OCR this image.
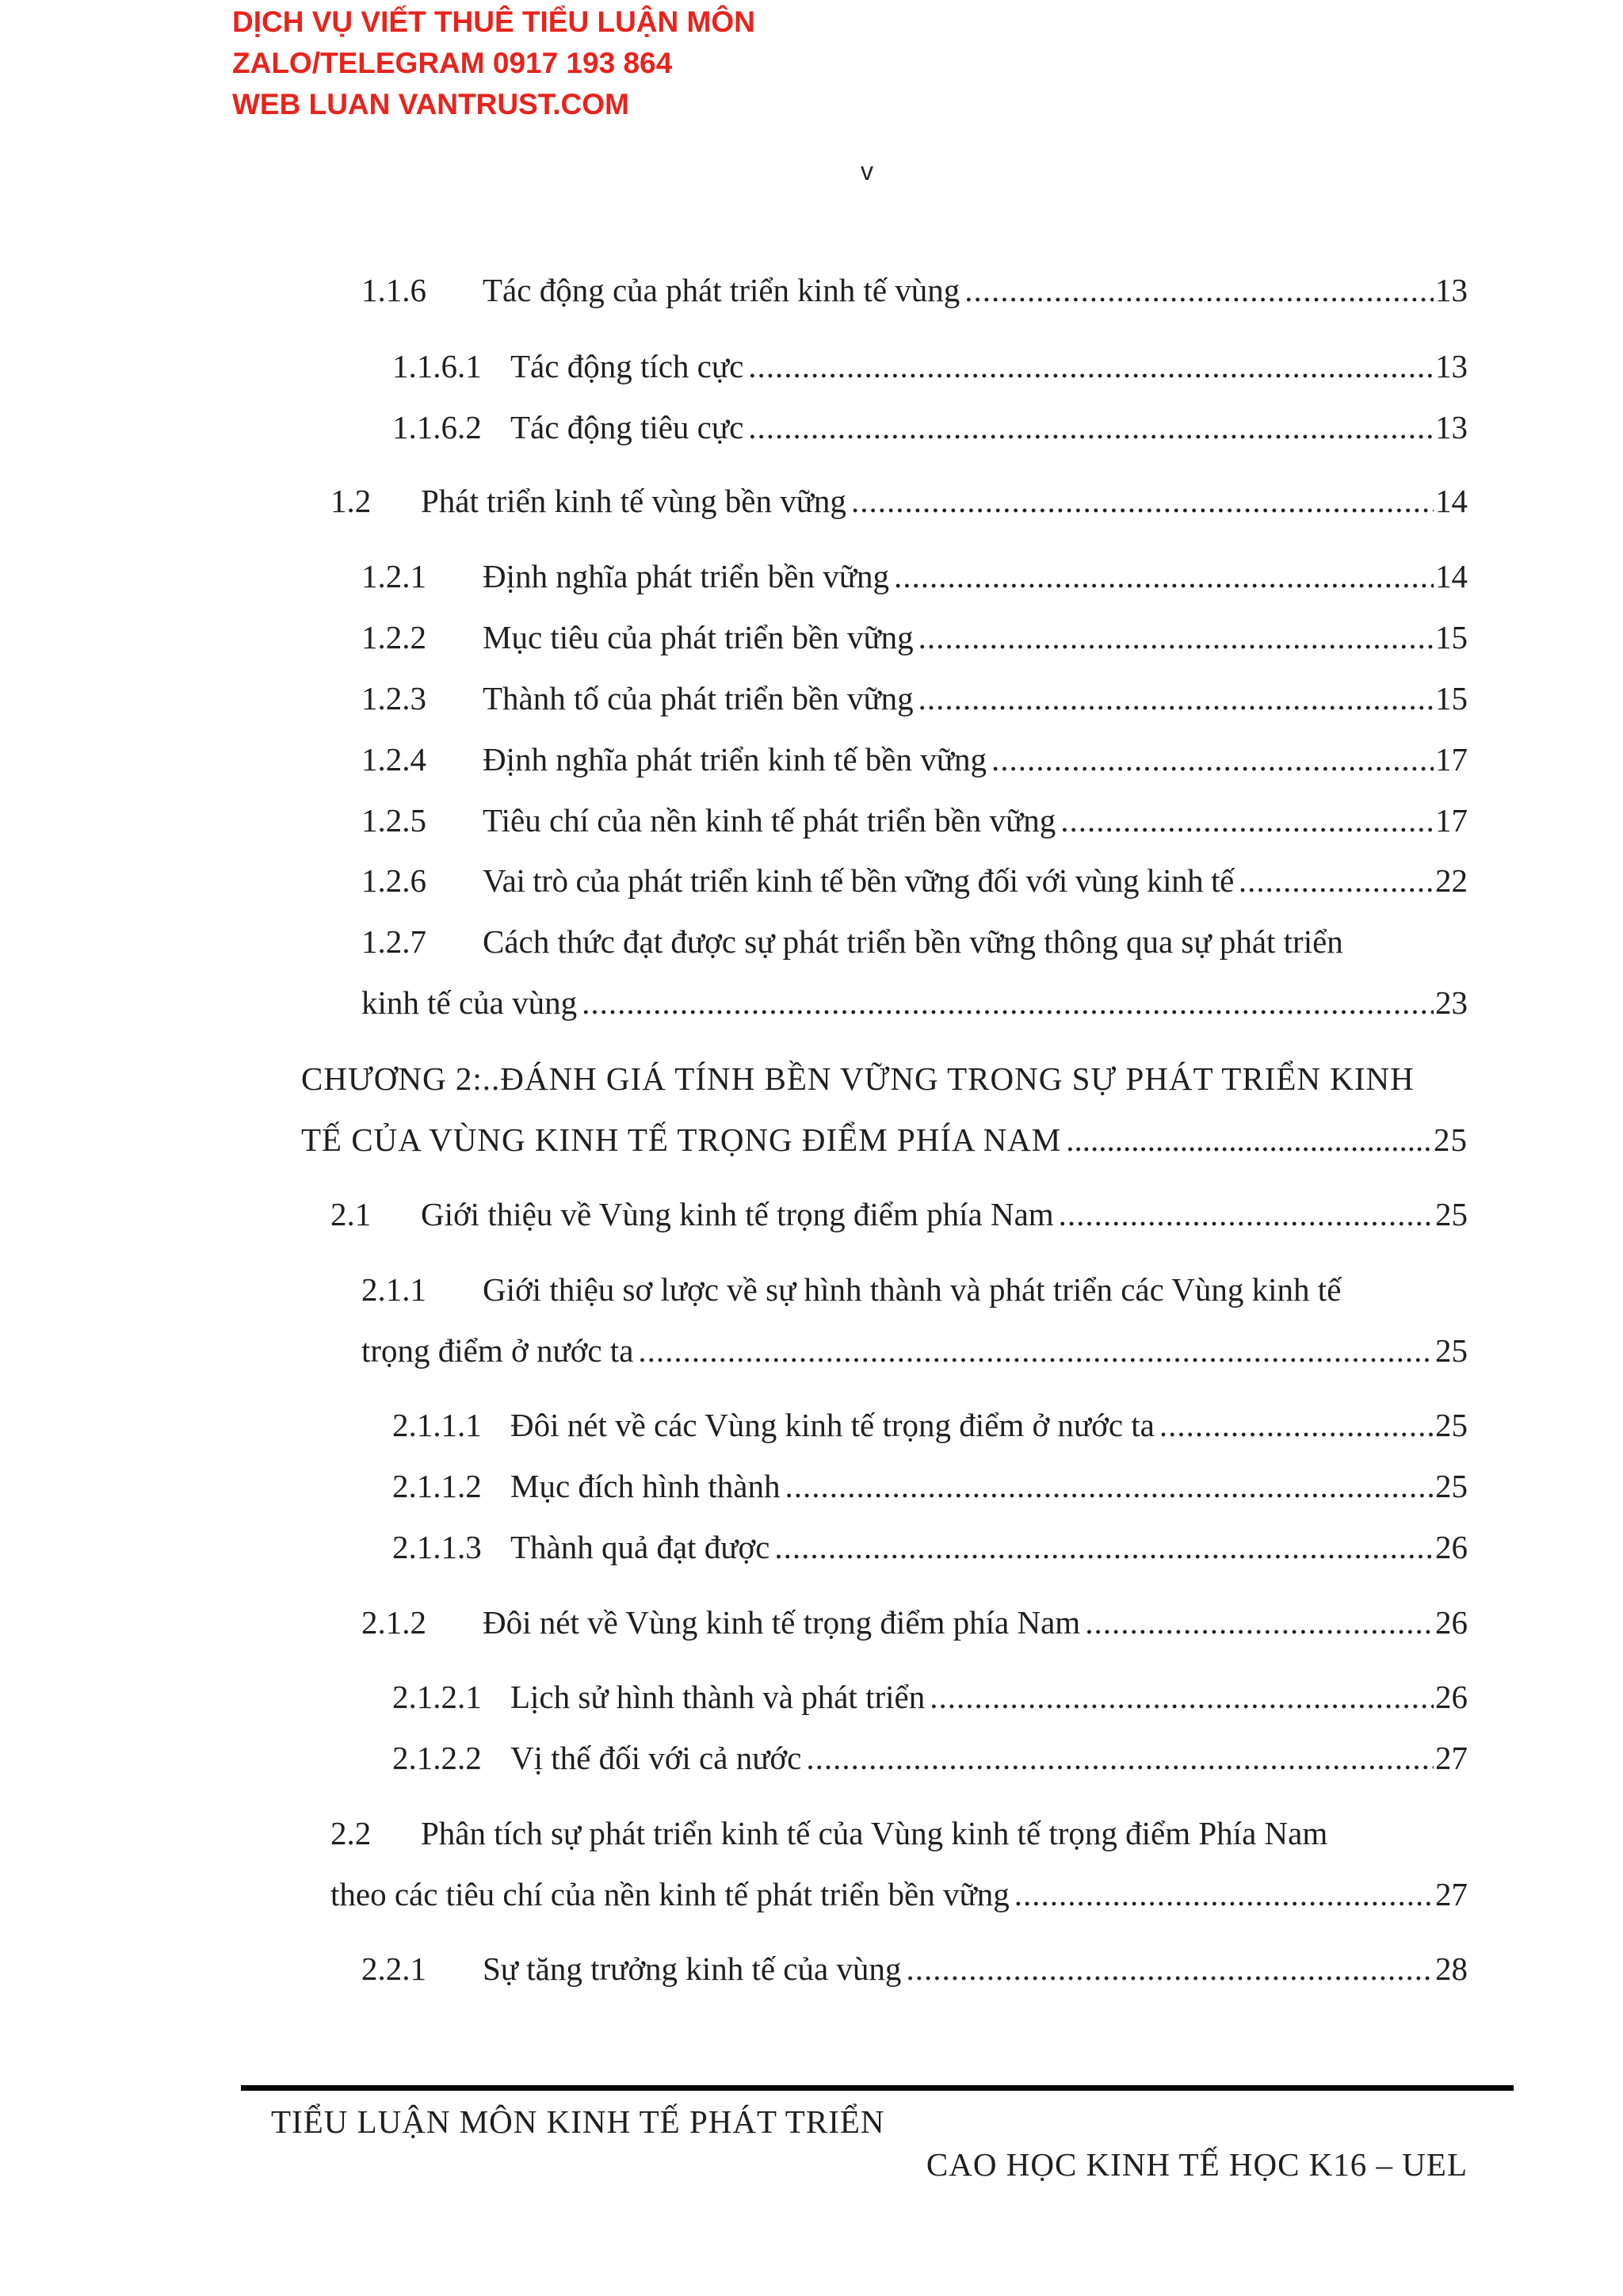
DỊCH VỤ VIẾT THUÊ TIỂU LUẬN MÔN
ZALO/TELEGRAM 0917 193 864
WEB LUAN VANTRUST.COM
v
1.1.6	Tác động của phát triển kinh tế vùng .....	13
1.1.6.1 Tác động tích cực .....	13
1.1.6.2 Tác động tiêu cực .....	13
1.2	Phát triển kinh tế vùng bền vững .....	14
1.2.1	Định nghĩa phát triển bền vững .....	14
1.2.2	Mục tiêu của phát triển bền vững .....	15
1.2.3	Thành tố của phát triển bền vững .....	15
1.2.4	Định nghĩa phát triển kinh tế bền vững .....	17
1.2.5	Tiêu chí của nền kinh tế phát triển bền vững .....	17
1.2.6	Vai trò của phát triển kinh tế bền vững đối với vùng kinh tế .....	22
1.2.7 Cách thức đạt được sự phát triển bền vững thông qua sự phát triển
kinh tế của vùng .....	23
CHƯƠNG 2:..ĐÁNH GIÁ TÍNH BỀN VỮNG TRONG SỰ PHÁT TRIỂN KINH
TẾ CỦA VÙNG KINH TẾ TRỌNG ĐIỂM PHÍA NAM .....	25
2.1	Giới thiệu về Vùng kinh tế trọng điểm phía Nam .....	25
2.1.1 Giới thiệu sơ lược về sự hình thành và phát triển các Vùng kinh tế
trọng điểm ở nước ta .....	25
2.1.1.1 Đôi nét về các Vùng kinh tế trọng điểm ở nước ta .....	25
2.1.1.2 Mục đích hình thành .....	25
2.1.1.3 Thành quả đạt được .....	26
2.1.2	Đôi nét về Vùng kinh tế trọng điểm phía Nam .....	26
2.1.2.1 Lịch sử hình thành và phát triển .....	26
2.1.2.2 Vị thế đối với cả nước .....	27
2.2 Phân tích sự phát triển kinh tế của Vùng kinh tế trọng điểm Phía Nam
theo các tiêu chí của nền kinh tế phát triển bền vững .....	27
2.2.1	Sự tăng trưởng kinh tế của vùng .....	28
TIỂU LUẬN MÔN KINH TẾ PHÁT TRIỂN
CAO HỌC KINH TẾ HỌC K16 – UEL
